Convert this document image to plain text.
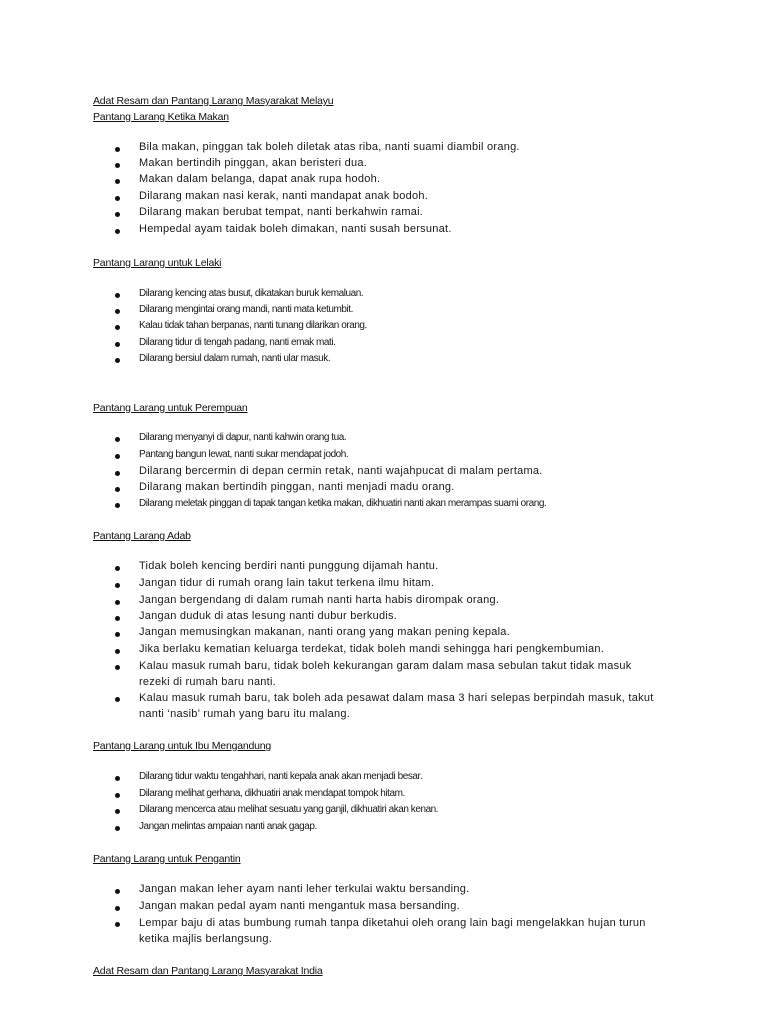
Adat Resam dan Pantang Larang Masyarakat Melayu
Pantang Larang Ketika Makan
Bila makan, pinggan tak boleh diletak atas riba, nanti suami diambil orang.
Makan bertindih pinggan, akan beristeri dua.
Makan dalam belanga, dapat anak rupa hodoh.
Dilarang makan nasi kerak, nanti mandapat anak bodoh.
Dilarang makan berubat tempat, nanti berkahwin ramai.
Hempedal ayam taidak boleh dimakan, nanti susah bersunat.
Pantang Larang untuk Lelaki
Dilarang kencing atas busut, dikatakan buruk kemaluan.
Dilarang mengintai orang mandi, nanti mata ketumbit.
Kalau tidak tahan berpanas, nanti tunang dilarikan orang.
Dilarang tidur di tengah padang, nanti emak mati.
Dilarang bersiul dalam rumah, nanti ular masuk.
Pantang Larang untuk Perempuan
Dilarang menyanyi di dapur, nanti kahwin orang tua.
Pantang bangun lewat, nanti sukar mendapat jodoh.
Dilarang bercermin di depan cermin retak, nanti wajahpucat di malam pertama.
Dilarang makan bertindih pinggan, nanti menjadi madu orang.
Dilarang meletak pinggan di tapak tangan ketika makan, dikhuatiri nanti akan merampas suami orang.
Pantang Larang Adab
Tidak boleh kencing berdiri nanti punggung dijamah hantu.
Jangan tidur di rumah orang lain takut terkena ilmu hitam.
Jangan bergendang di dalam rumah nanti harta habis dirompak orang.
Jangan duduk di atas lesung nanti dubur berkudis.
Jangan memusingkan makanan, nanti orang yang makan pening kepala.
Jika berlaku kematian keluarga terdekat, tidak boleh mandi sehingga hari pengkembumian.
Kalau masuk rumah baru, tidak boleh kekurangan garam dalam masa sebulan takut tidak masuk rezeki di rumah baru nanti.
Kalau masuk rumah baru, tak boleh ada pesawat dalam masa 3 hari selepas berpindah masuk, takut nanti ‘nasib’ rumah yang baru itu malang.
Pantang Larang untuk Ibu Mengandung
Dilarang tidur waktu tengahhari, nanti kepala anak akan menjadi besar.
Dilarang melihat gerhana, dikhuatiri anak mendapat tompok hitam.
Dilarang mencerca atau melihat sesuatu yang ganjil, dikhuatiri akan kenan.
Jangan melintas ampaian nanti anak gagap.
Pantang Larang untuk Pengantin
Jangan makan leher ayam nanti leher terkulai waktu bersanding.
Jangan makan pedal ayam nanti mengantuk masa bersanding.
Lempar baju di atas bumbung rumah tanpa diketahui oleh orang lain bagi mengelakkan hujan turun ketika majlis berlangsung.
Adat Resam dan Pantang Larang Masyarakat India
